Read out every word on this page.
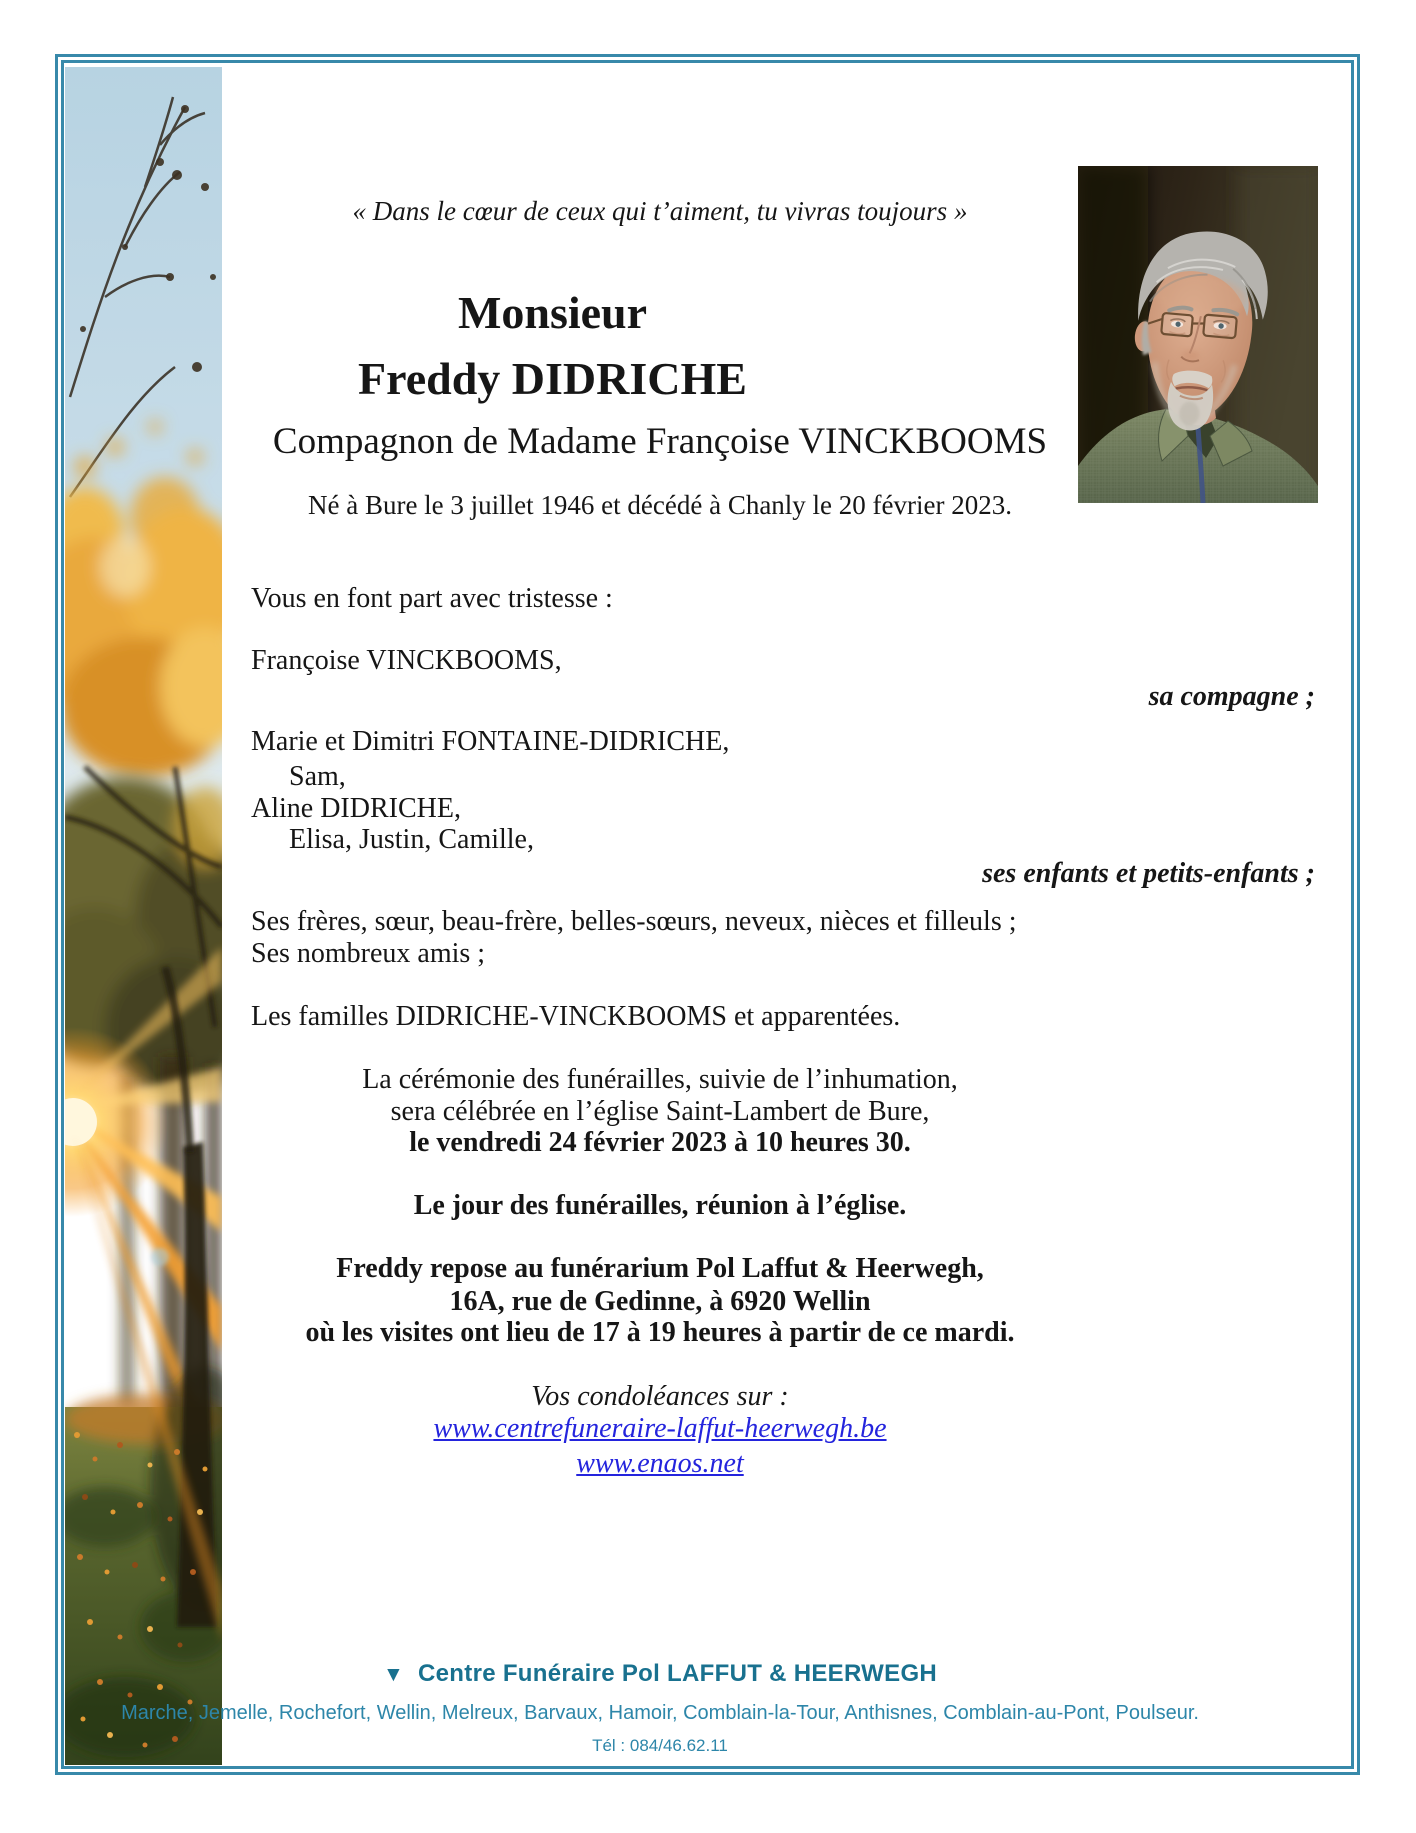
« Dans le cœur de ceux qui t’aiment, tu vivras toujours »
Monsieur
Freddy DIDRICHE
Compagnon de Madame Françoise VINCKBOOMS
Né à Bure le 3 juillet 1946 et décédé à Chanly le 20 février 2023.
Vous en font part avec tristesse :
Françoise VINCKBOOMS,
sa compagne ;
Marie et Dimitri FONTAINE-DIDRICHE,
Sam,
Aline DIDRICHE,
Elisa, Justin, Camille,
ses enfants et petits-enfants ;
Ses frères, sœur, beau-frère, belles-sœurs, neveux, nièces et filleuls ;
Ses nombreux amis ;
Les familles DIDRICHE-VINCKBOOMS et apparentées.
La cérémonie des funérailles, suivie de l’inhumation,
sera célébrée en l’église Saint-Lambert de Bure,
le vendredi 24 février 2023 à 10 heures 30.
Le jour des funérailles, réunion à l’église.
Freddy repose au funérarium Pol Laffut & Heerwegh,
16A, rue de Gedinne, à 6920 Wellin
où les visites ont lieu de 17 à 19 heures à partir de ce mardi.
Vos condoléances sur :
www.centrefuneraire-laffut-heerwegh.be
www.enaos.net
▼ Centre Funéraire Pol LAFFUT & HEERWEGH
Marche, Jemelle, Rochefort, Wellin, Melreux, Barvaux, Hamoir, Comblain-la-Tour, Anthisnes, Comblain-au-Pont, Poulseur.
Tél : 084/46.62.11
